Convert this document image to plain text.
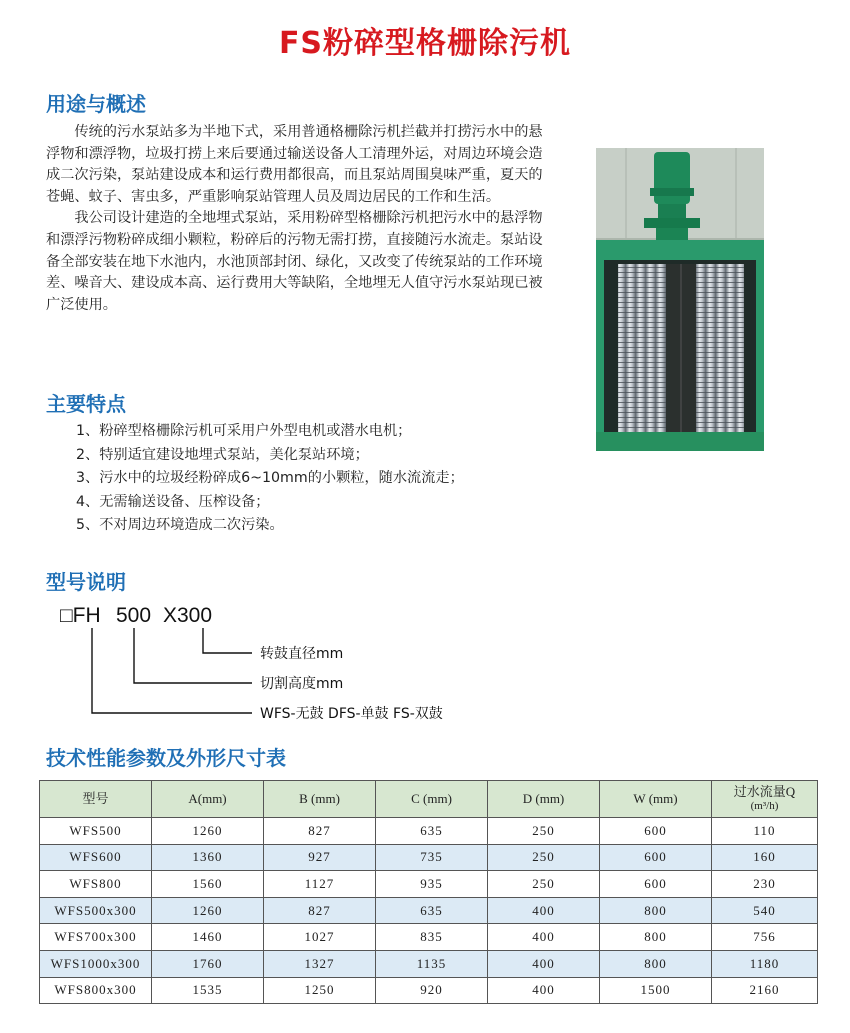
FS粉碎型格栅除污机
用途与概述

传统的污水泵站多为半地下式，采用普通格栅除污机拦截并打捞污水中的悬浮物和漂浮物，垃圾打捞上来后要通过输送设备人工清理外运，对周边环境会造成二次污染，泵站建设成本和运行费用都很高，而且泵站周围臭味严重，夏天的苍蝇、蚊子、害虫多，严重影响泵站管理人员及周边居民的工作和生活。

我公司设计建造的全地埋式泵站，采用粉碎型格栅除污机把污水中的悬浮物和漂浮污物粉碎成细小颗粒，粉碎后的污物无需打捞，直接随污水流走。泵站设备全部安装在地下水池内，水池顶部封闭、绿化，又改变了传统泵站的工作环境差、噪音大、建设成本高、运行费用大等缺陷，全地埋无人值守污水泵站现已被广泛使用。

主要特点
1、粉碎型格栅除污机可采用户外型电机或潜水电机；
2、特别适宜建设地埋式泵站，美化泵站环境；
3、污水中的垃圾经粉碎成6~10mm的小颗粒，随水流流走；
4、无需输送设备、压榨设备；
5、不对周边环境造成二次污染。
型号说明
□FH 500 X300
转鼓直径mm
切割高度mm
WFS-无鼓 DFS-单鼓 FS-双鼓
技术性能参数及外形尺寸表
型号	A(mm)	B (mm)	C (mm)	D (mm)	W (mm)	过水流量Q
(m³/h)

WFS500	1260	827	635	250	600	110
WFS600	1360	927	735	250	600	160
WFS800	1560	1127	935	250	600	230
WFS500x300	1260	827	635	400	800	540
WFS700x300	1460	1027	835	400	800	756
WFS1000x300	1760	1327	1135	400	800	1180
WFS800x300	1535	1250	920	400	1500	2160
